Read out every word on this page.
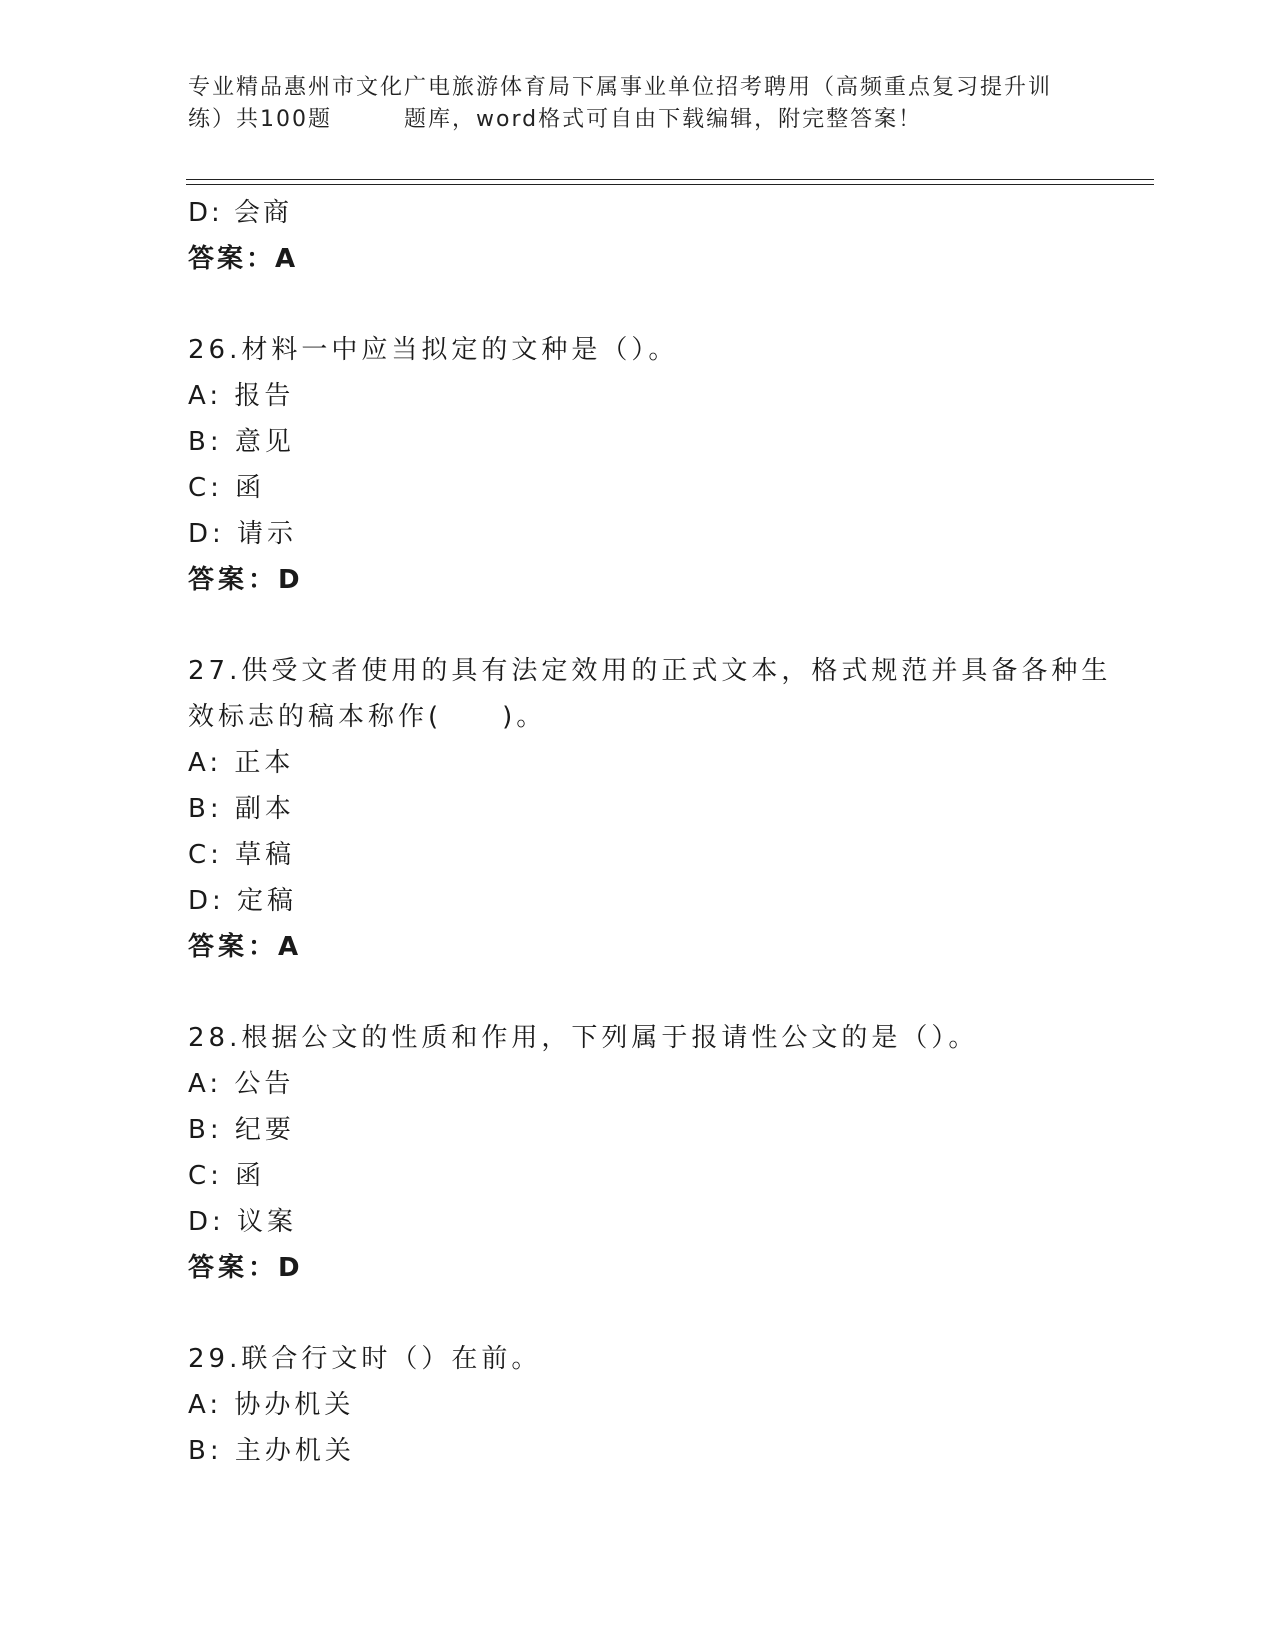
专业精品惠州市文化广电旅游体育局下属事业单位招考聘用（高频重点复习提升训
练）共100题　　　题库，word格式可自由下载编辑，附完整答案！
D: 会商
答案：A
26.材料一中应当拟定的文种是（）。
A: 报告
B: 意见
C: 函
D: 请示
答案：D
27.供受文者使用的具有法定效用的正式文本，格式规范并具备各种生
效标志的稿本称作(　　)。
A: 正本
B: 副本
C: 草稿
D: 定稿
答案：A
28.根据公文的性质和作用，下列属于报请性公文的是（）。
A: 公告
B: 纪要
C: 函
D: 议案
答案：D
29.联合行文时（）在前。
A: 协办机关
B: 主办机关
